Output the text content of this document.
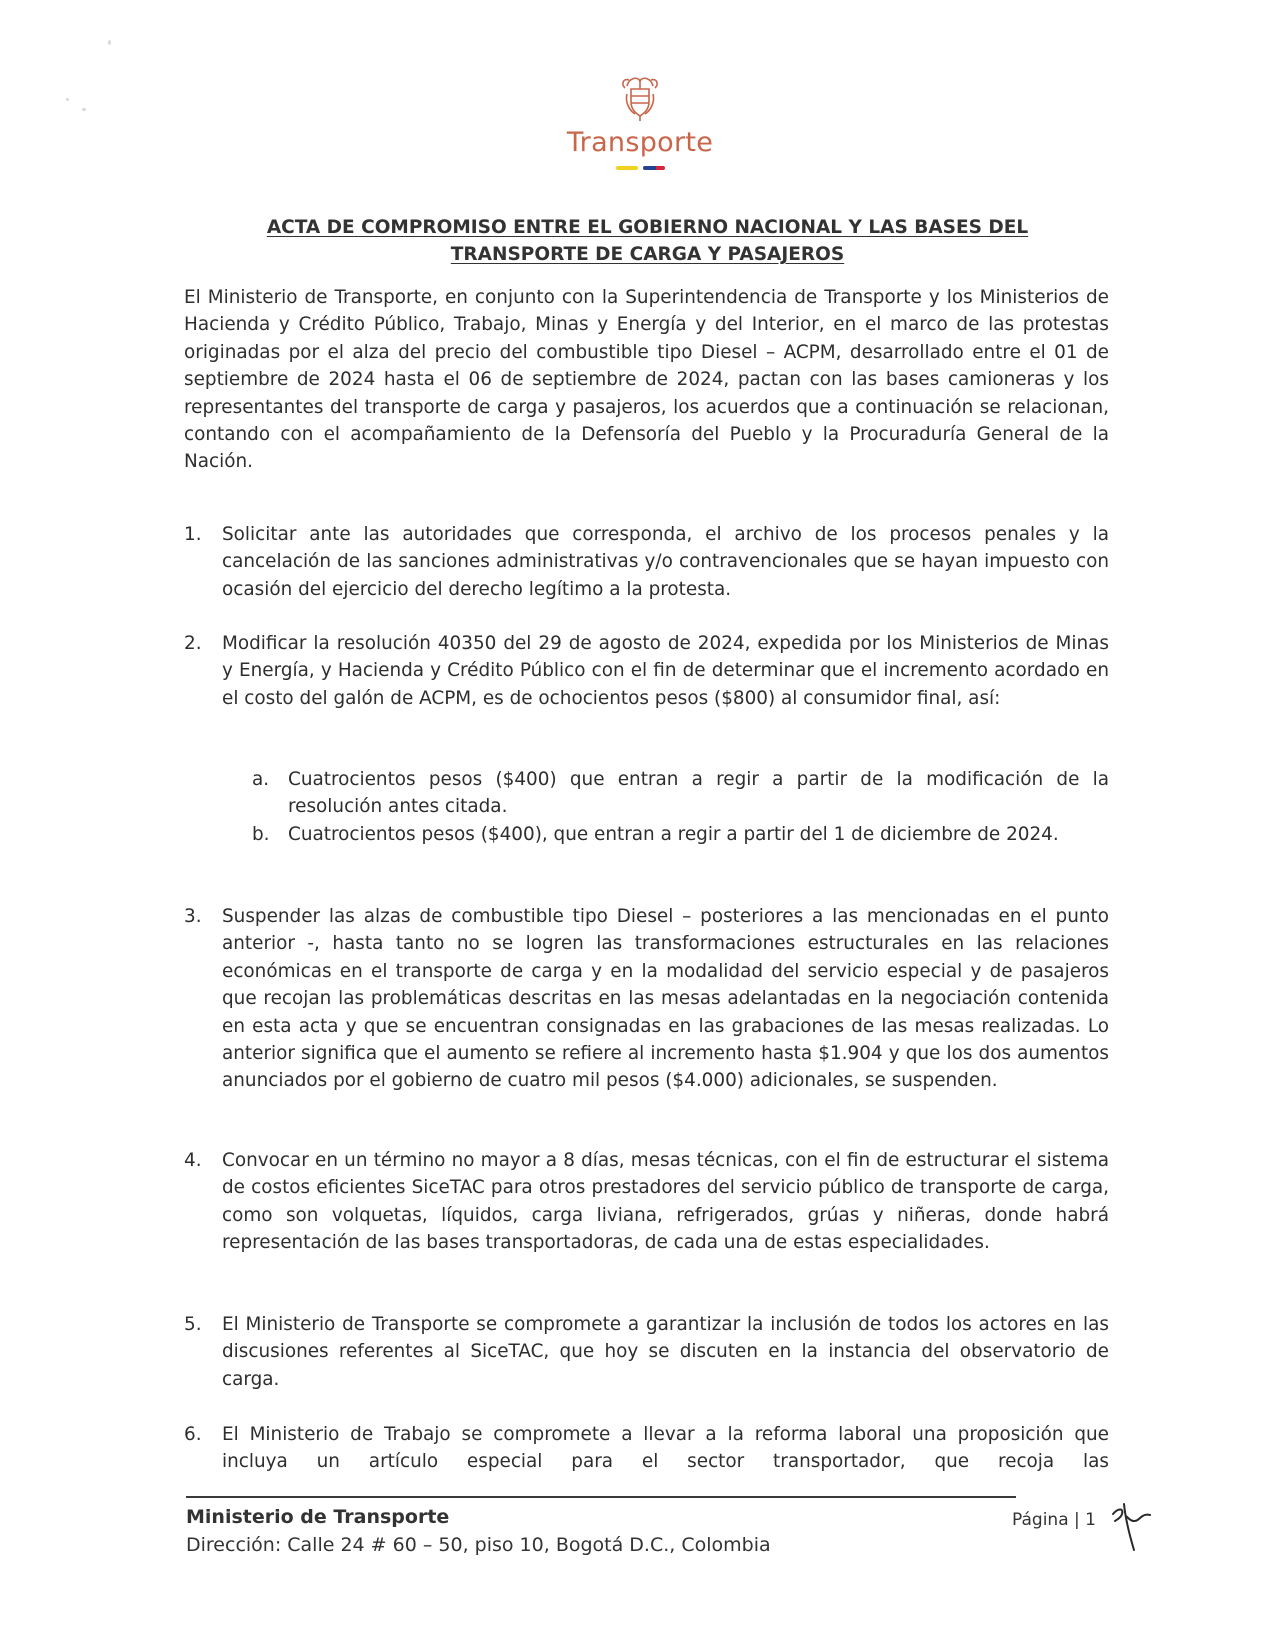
Transporte
ACTA DE COMPROMISO ENTRE EL GOBIERNO NACIONAL Y LAS BASES DEL
TRANSPORTE DE CARGA Y PASAJEROS
El Ministerio de Transporte, en conjunto con la Superintendencia de Transporte y los Ministerios de Hacienda y Crédito Público, Trabajo, Minas y Energía y del Interior, en el marco de las protestas originadas por el alza del precio del combustible tipo Diesel – ACPM, desarrollado entre el 01 de septiembre de 2024 hasta el 06 de septiembre de 2024, pactan con las bases camioneras y los representantes del transporte de carga y pasajeros, los acuerdos que a continuación se relacionan, contando con el acompañamiento de la Defensoría del Pueblo y la Procuraduría General de la Nación.
1. Solicitar ante las autoridades que corresponda, el archivo de los procesos penales y la cancelación de las sanciones administrativas y/o contravencionales que se hayan impuesto con ocasión del ejercicio del derecho legítimo a la protesta.
2. Modificar la resolución 40350 del 29 de agosto de 2024, expedida por los Ministerios de Minas y Energía, y Hacienda y Crédito Público con el fin de determinar que el incremento acordado en el costo del galón de ACPM, es de ochocientos pesos ($800) al consumidor final, así:
a. Cuatrocientos pesos ($400) que entran a regir a partir de la modificación de la resolución antes citada.
b. Cuatrocientos pesos ($400), que entran a regir a partir del 1 de diciembre de 2024.
3. Suspender las alzas de combustible tipo Diesel – posteriores a las mencionadas en el punto anterior -, hasta tanto no se logren las transformaciones estructurales en las relaciones económicas en el transporte de carga y en la modalidad del servicio especial y de pasajeros que recojan las problemáticas descritas en las mesas adelantadas en la negociación contenida en esta acta y que se encuentran consignadas en las grabaciones de las mesas realizadas. Lo anterior significa que el aumento se refiere al incremento hasta $1.904 y que los dos aumentos anunciados por el gobierno de cuatro mil pesos ($4.000) adicionales, se suspenden.
4. Convocar en un término no mayor a 8 días, mesas técnicas, con el fin de estructurar el sistema de costos eficientes SiceTAC para otros prestadores del servicio público de transporte de carga, como son volquetas, líquidos, carga liviana, refrigerados, grúas y niñeras, donde habrá representación de las bases transportadoras, de cada una de estas especialidades.
5. El Ministerio de Transporte se compromete a garantizar la inclusión de todos los actores en las discusiones referentes al SiceTAC, que hoy se discuten en la instancia del observatorio de carga.
6. El Ministerio de Trabajo se compromete a llevar a la reforma laboral una proposición que incluya un artículo especial para el sector transportador, que recoja las
Ministerio de Transporte
Dirección: Calle 24 # 60 – 50, piso 10, Bogotá D.C., Colombia
Página | 1
